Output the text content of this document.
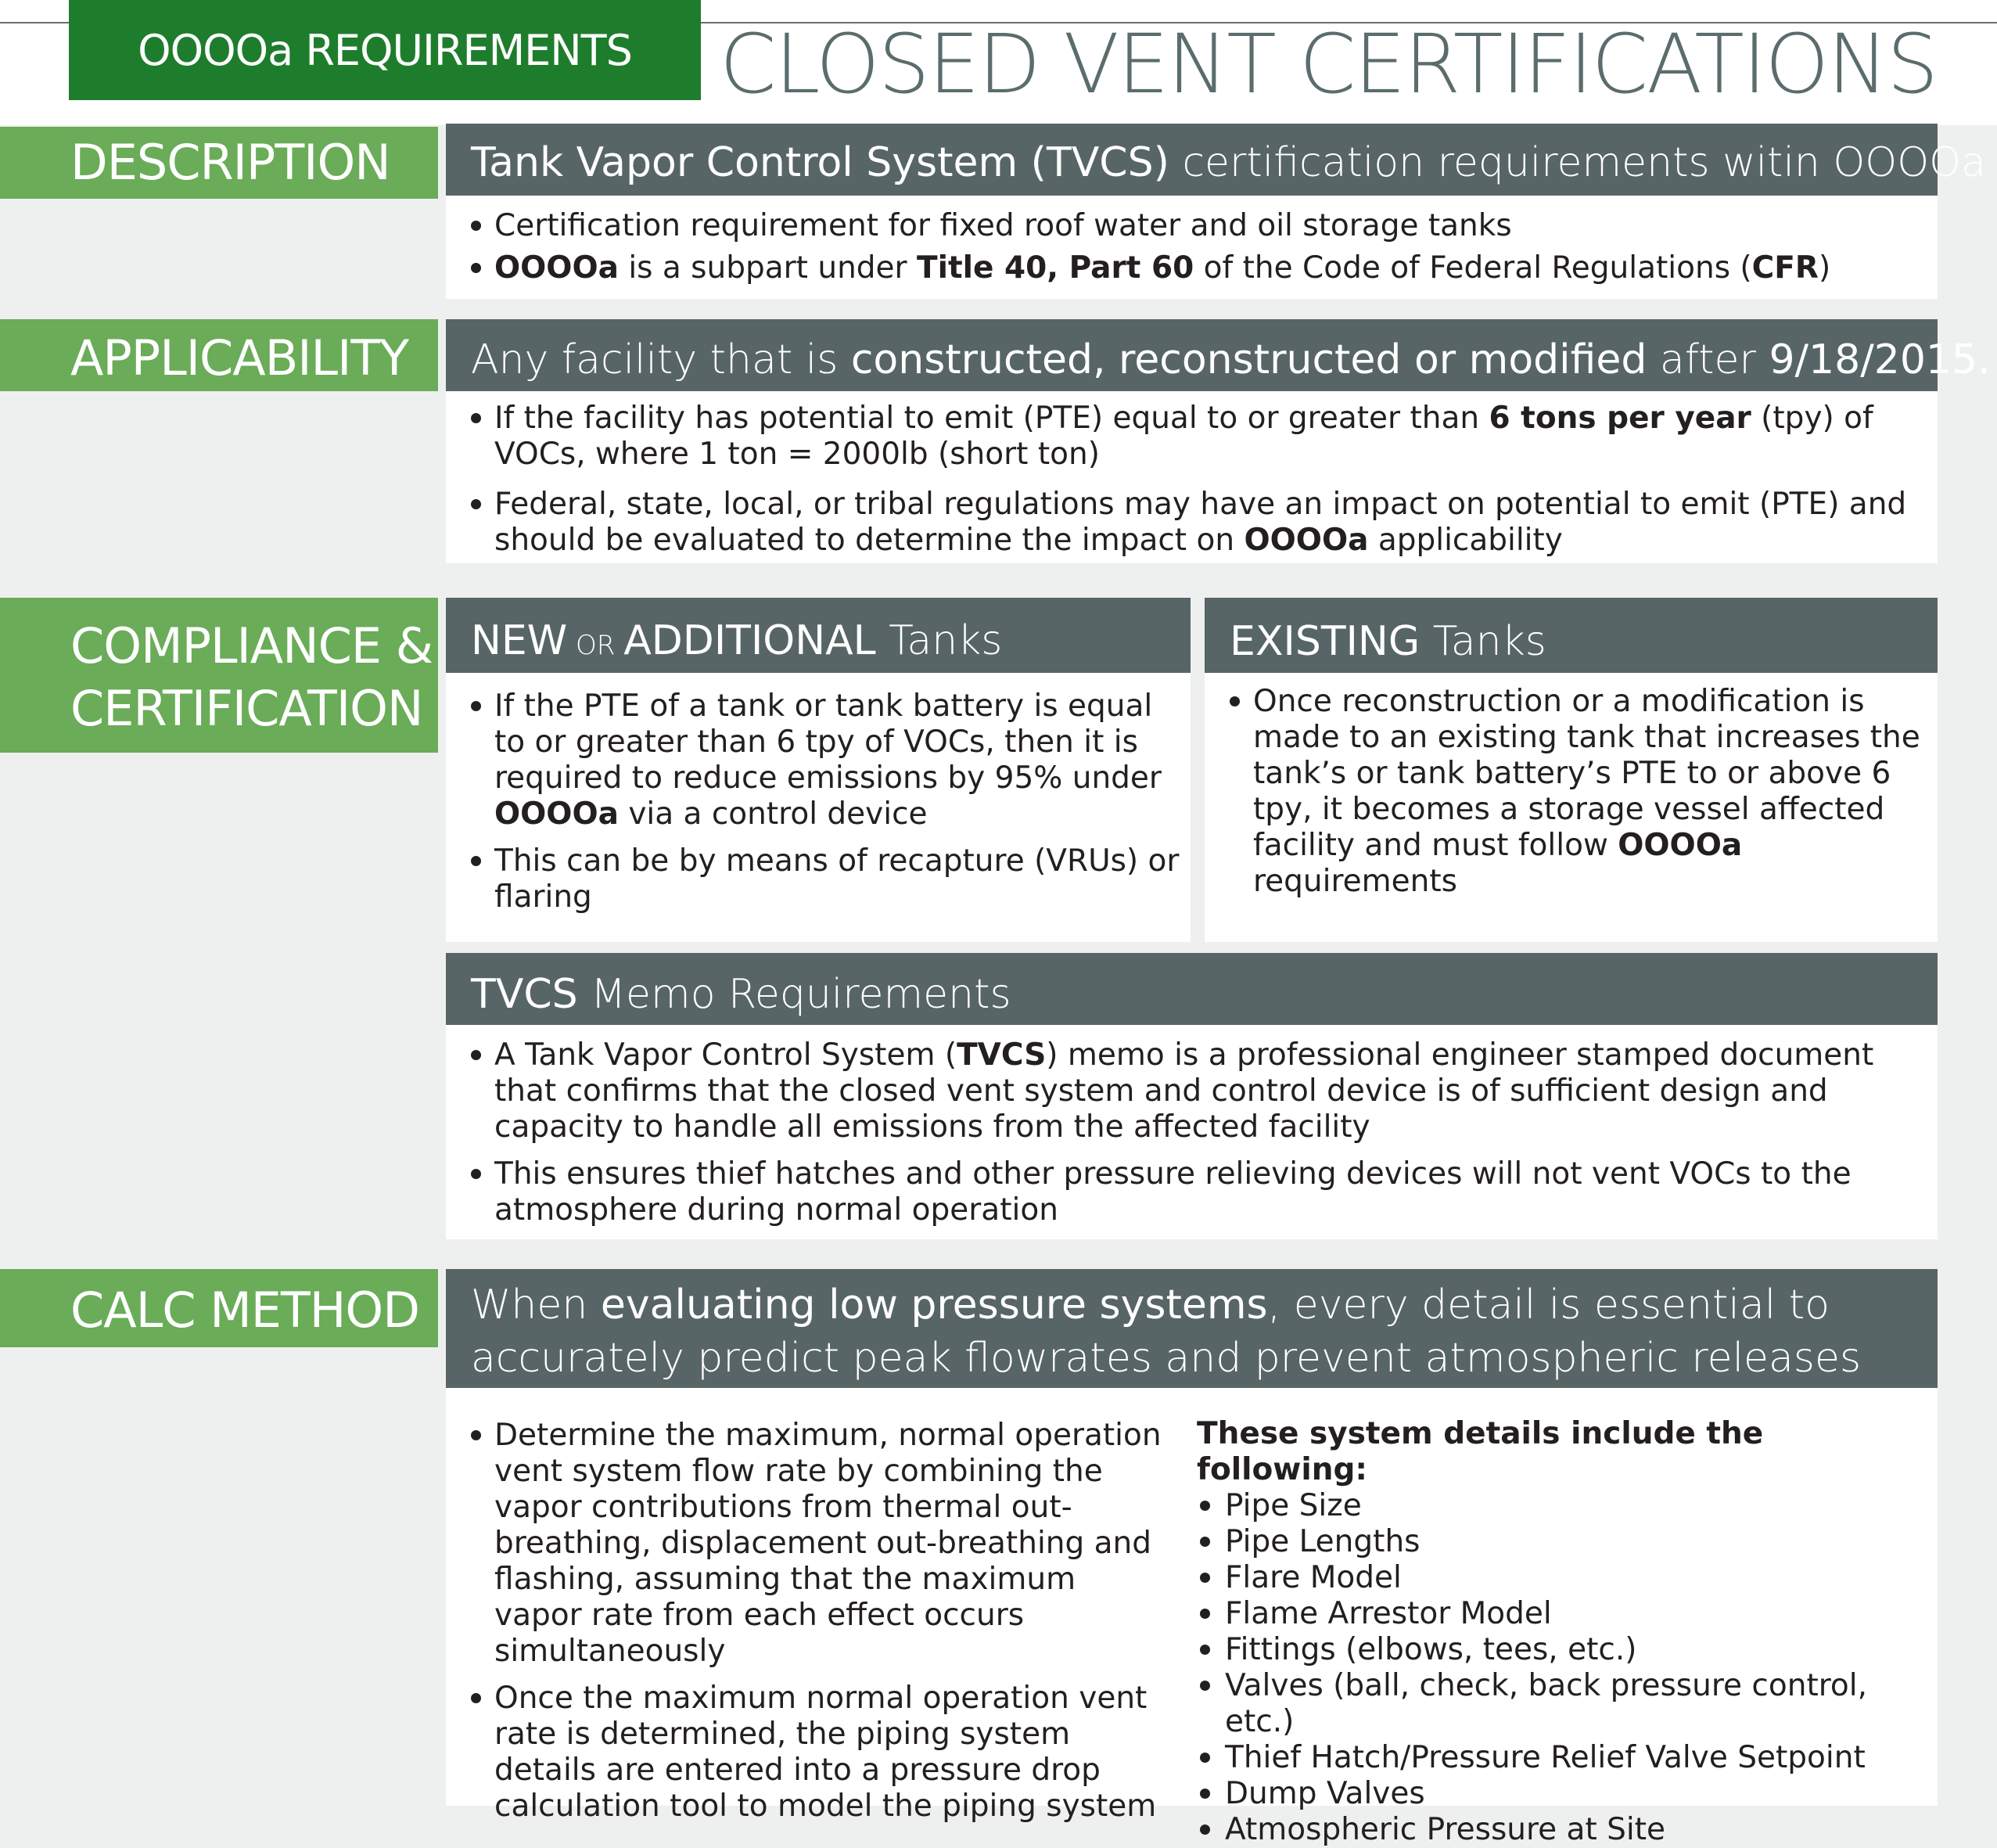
OOOOa REQUIREMENTS CLOSED VENT CERTIFICATIONS
DESCRIPTION	Tank Vapor Control System (TVCS) certification requirements witin OOOOa
Certification requirement for fixed roof water and oil storage tanks
OOOOa is a subpart under Title 40, Part 60 of the Code of Federal Regulations (CFR)
APPLICABILITY	Any facility that is constructed, reconstructed or modified after 9/18/2015.
If the facility has potential to emit (PTE) equal to or greater than 6 tons per year (tpy) of VOCs, where 1 ton = 2000lb (short ton)
Federal, state, local, or tribal regulations may have an impact on potential to emit (PTE) and should be evaluated to determine the impact on OOOOa applicability
COMPLIANCE &
CERTIFICATION
NEW OR ADDITIONAL Tanks
If the PTE of a tank or tank battery is equal to or greater than 6 tpy of VOCs, then it is required to reduce emissions by 95% under OOOOa via a control device
This can be by means of recapture (VRUs) or flaring
EXISTING Tanks
Once reconstruction or a modification is made to an existing tank that increases the tank’s or tank battery’s PTE to or above 6 tpy, it becomes a storage vessel affected facility and must follow OOOOa requirements
TVCS Memo Requirements
A Tank Vapor Control System (TVCS) memo is a professional engineer stamped document that confirms that the closed vent system and control device is of sufficient design and capacity to handle all emissions from the affected facility
This ensures thief hatches and other pressure relieving devices will not vent VOCs to the atmosphere during normal operation
CALC METHOD	When evaluating low pressure systems, every detail is essential to accurately predict peak flowrates and prevent atmospheric releases
Determine the maximum, normal operation vent system flow rate by combining the vapor contributions from thermal out-breathing, displacement out-breathing and flashing, assuming that the maximum vapor rate from each effect occurs simultaneously
Once the maximum normal operation vent rate is determined, the piping system details are entered into a pressure drop calculation tool to model the piping system
These system details include the following:
Pipe Size
Pipe Lengths
Flare Model
Flame Arrestor Model
Fittings (elbows, tees, etc.)
Valves (ball, check, back pressure control, etc.)
Thief Hatch/Pressure Relief Valve Setpoint
Dump Valves
Atmospheric Pressure at Site
